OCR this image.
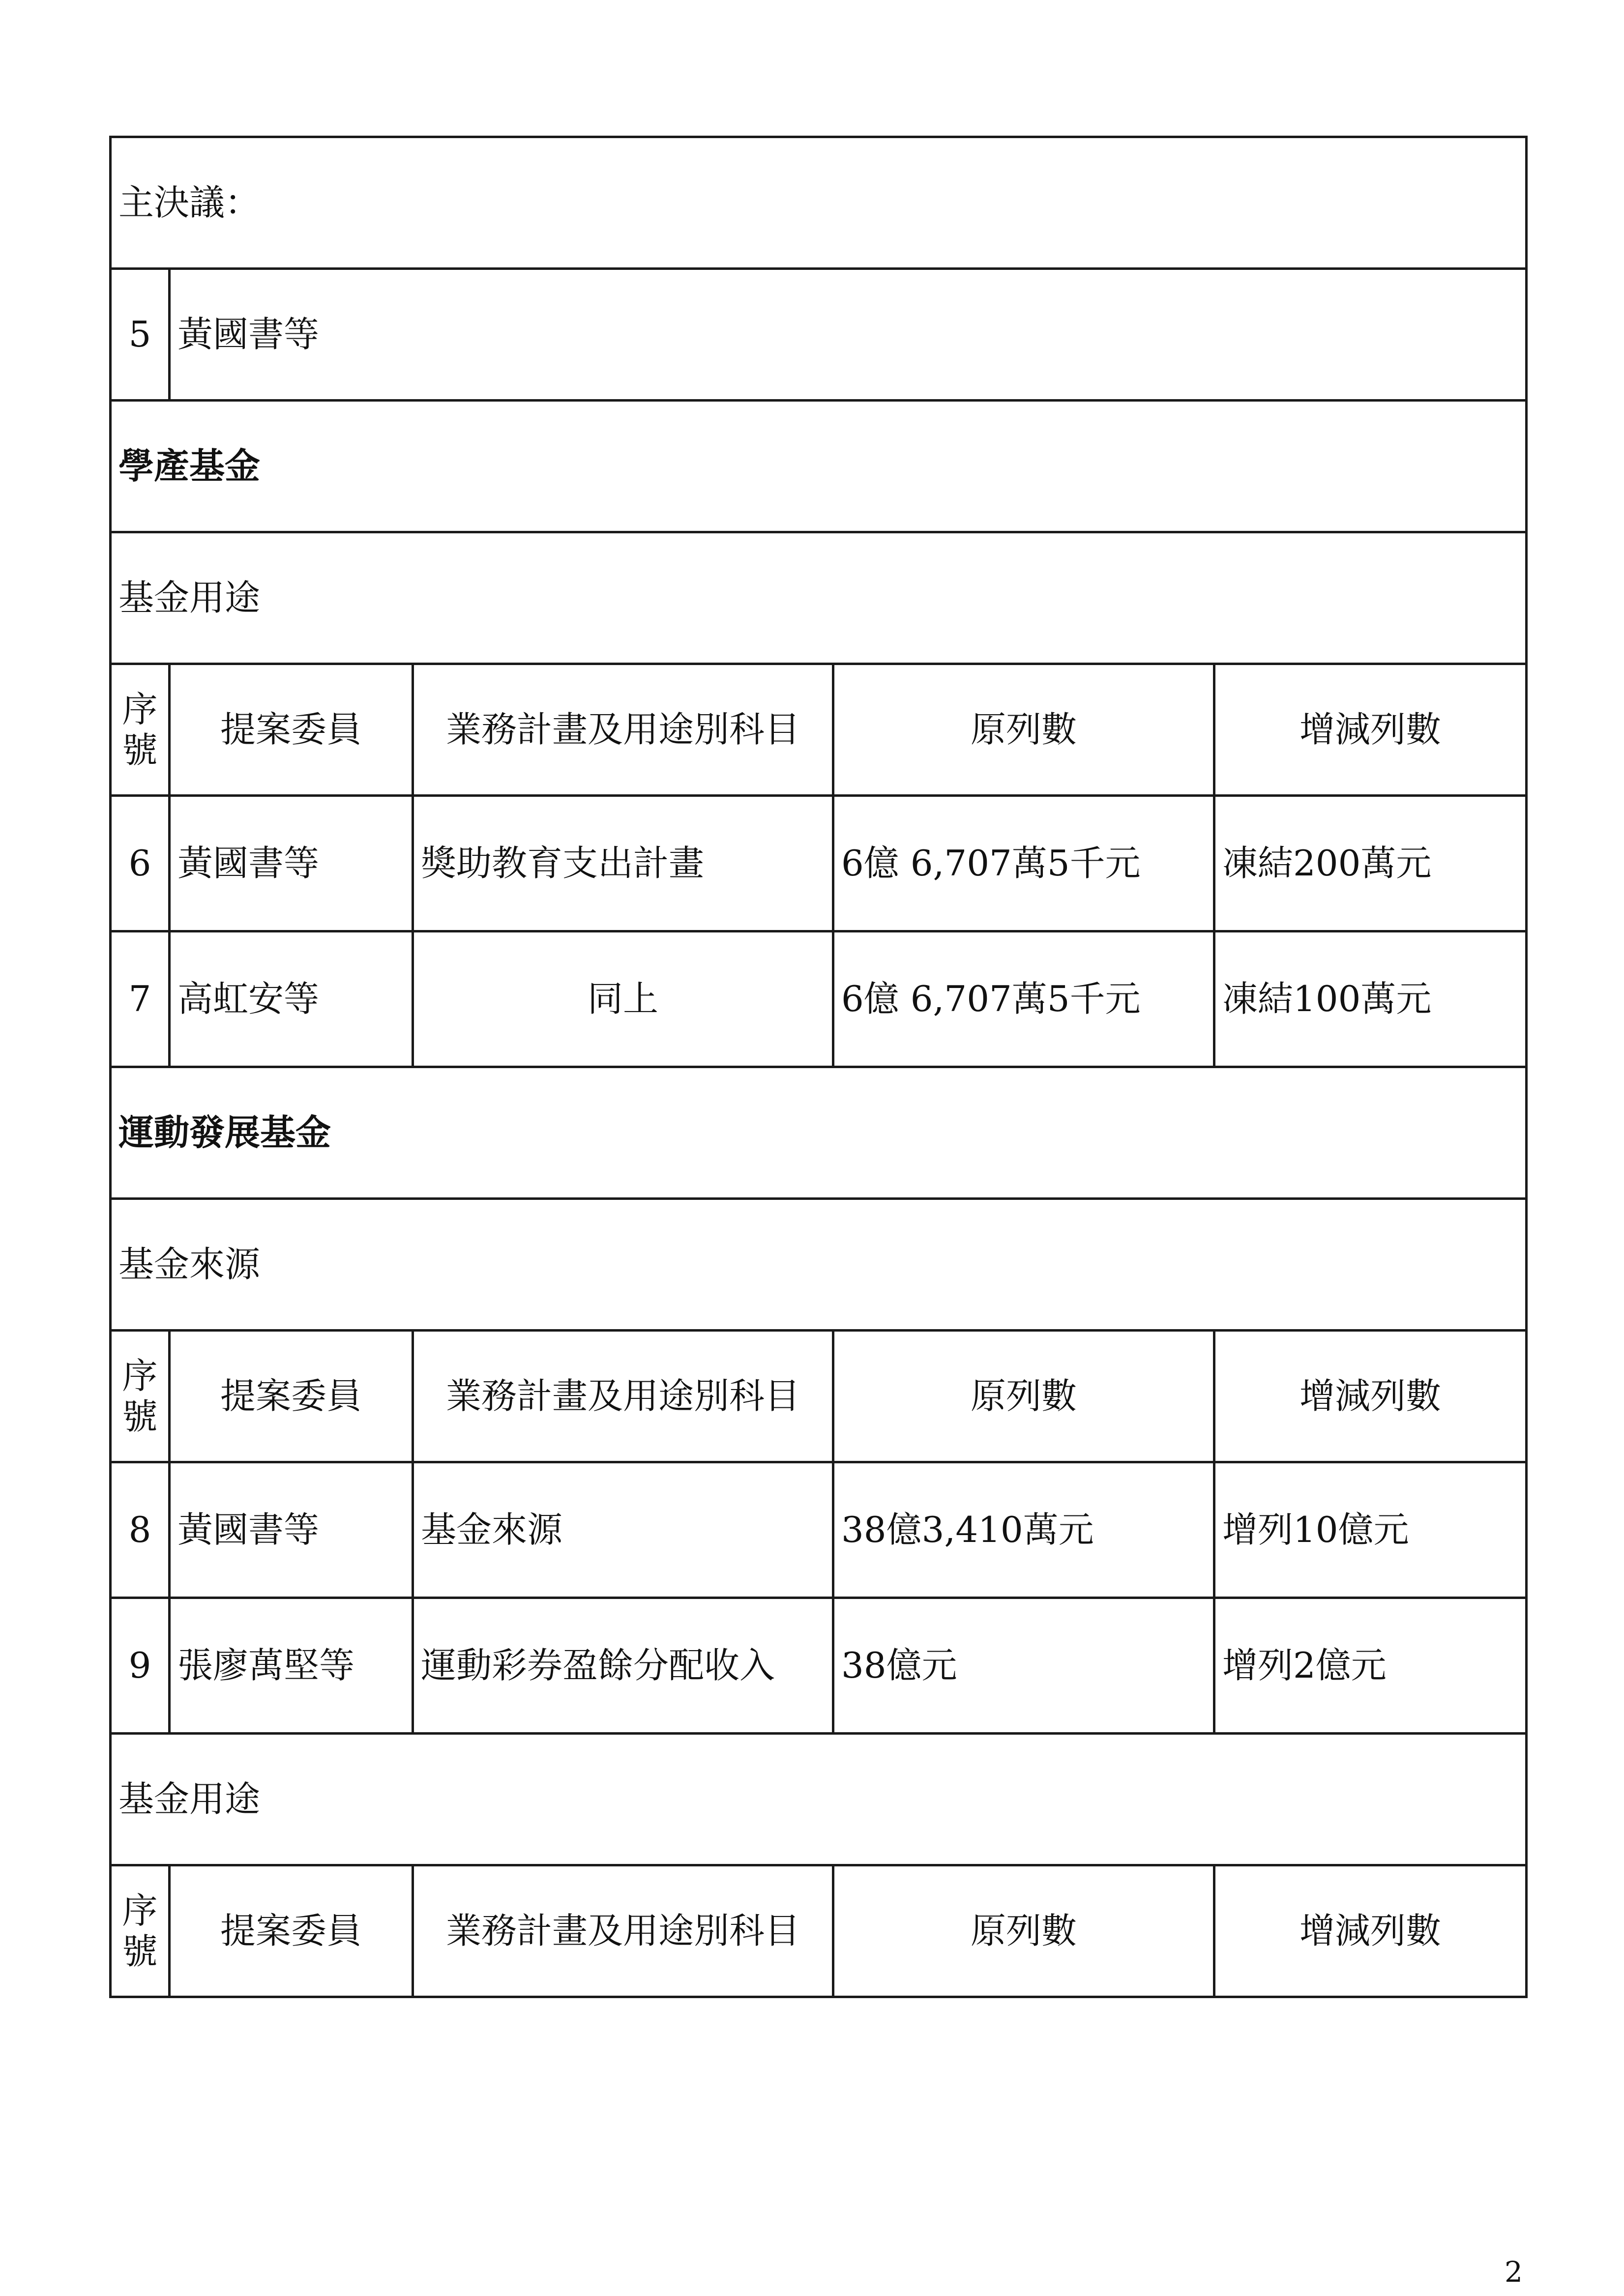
主決議：				
5	黃國書等			
學產基金				
基金用途				
序號	提案委員	業務計畫及用途別科目	原列數	增減列數
6	黃國書等	獎助教育支出計畫	6億 6,707萬5千元	凍結200萬元
7	高虹安等	同上	6億 6,707萬5千元	凍結100萬元
運動發展基金				
基金來源				
序號	提案委員	業務計畫及用途別科目	原列數	增減列數
8	黃國書等	基金來源	38億3,410萬元	增列10億元
9	張廖萬堅等	運動彩券盈餘分配收入	38億元	增列2億元
基金用途				
序號	提案委員	業務計畫及用途別科目	原列數	增減列數
2
